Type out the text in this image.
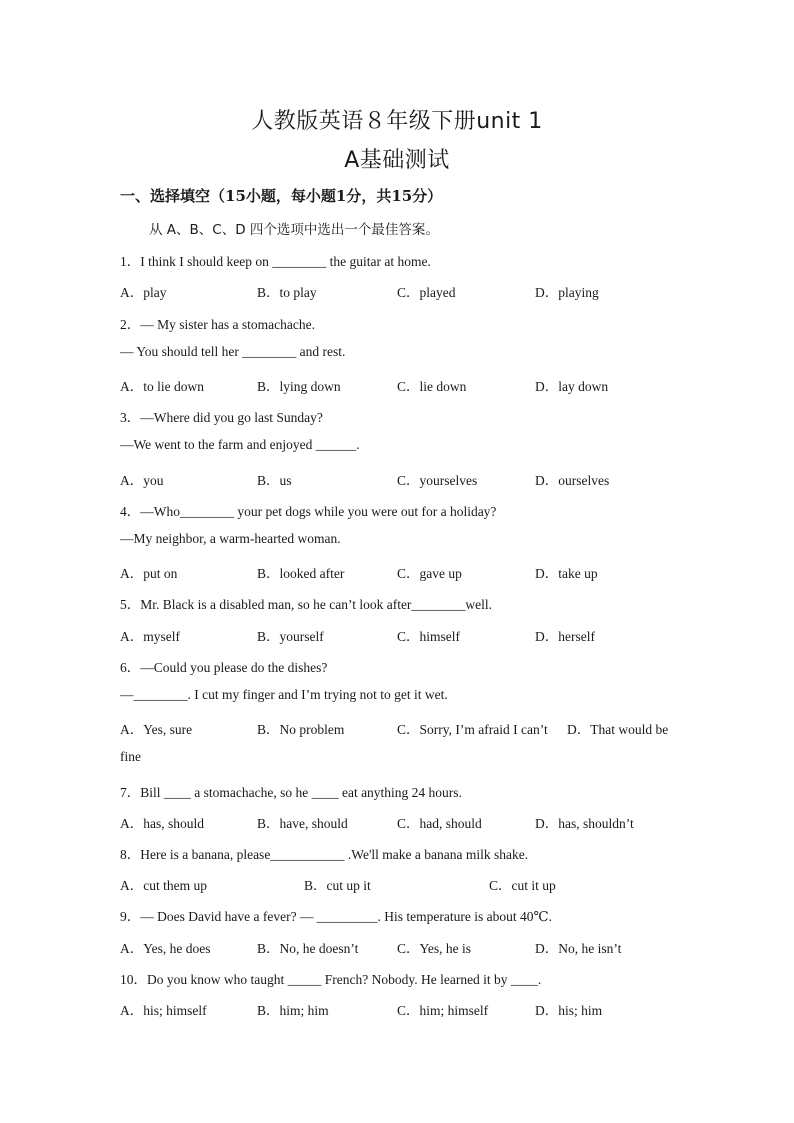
人教版英语８年级下册unit 1
A基础测试
一、选择填空（15小题，每小题1分，共15分）
从 A、B、C、D 四个选项中选出一个最佳答案。
1．I think I should keep on ________ the guitar at home.
A．play	B．to play	C．played	D．playing
2．— My sister has a stomachache.
— You should tell her ________ and rest.
A．to lie down	B．lying down	C．lie down	D．lay down
3．—Where did you go last Sunday?
—We went to the farm and enjoyed ______.
A．you	B．us	C．yourselves	D．ourselves
4．—Who________ your pet dogs while you were out for a holiday?
—My neighbor, a warm-hearted woman.
A．put on	B．looked after	C．gave up	D．take up
5．Mr. Black is a disabled man, so he can’t look after________well.
A．myself	B．yourself	C．himself	D．herself
6．—Could you please do the dishes?
—________. I cut my finger and I’m trying not to get it wet.
A．Yes, sure	B．No problem	C．Sorry, I’m afraid I can’t D．That would be
fine
7．Bill ____ a stomachache, so he ____ eat anything 24 hours.
A．has, should	B．have, should	C．had, should	D．has, shouldn’t
8．Here is a banana, please___________ .We'll make a banana milk shake.
A．cut them up	B．cut up it	C．cut it up
9．— Does David have a fever? — _________. His temperature is about 40℃.
A．Yes, he does	B．No, he doesn’t	C．Yes, he is	D．No, he isn’t
10．Do you know who taught _____ French? Nobody. He learned it by ____.
A．his; himself	B．him; him	C．him; himself	D．his; him
